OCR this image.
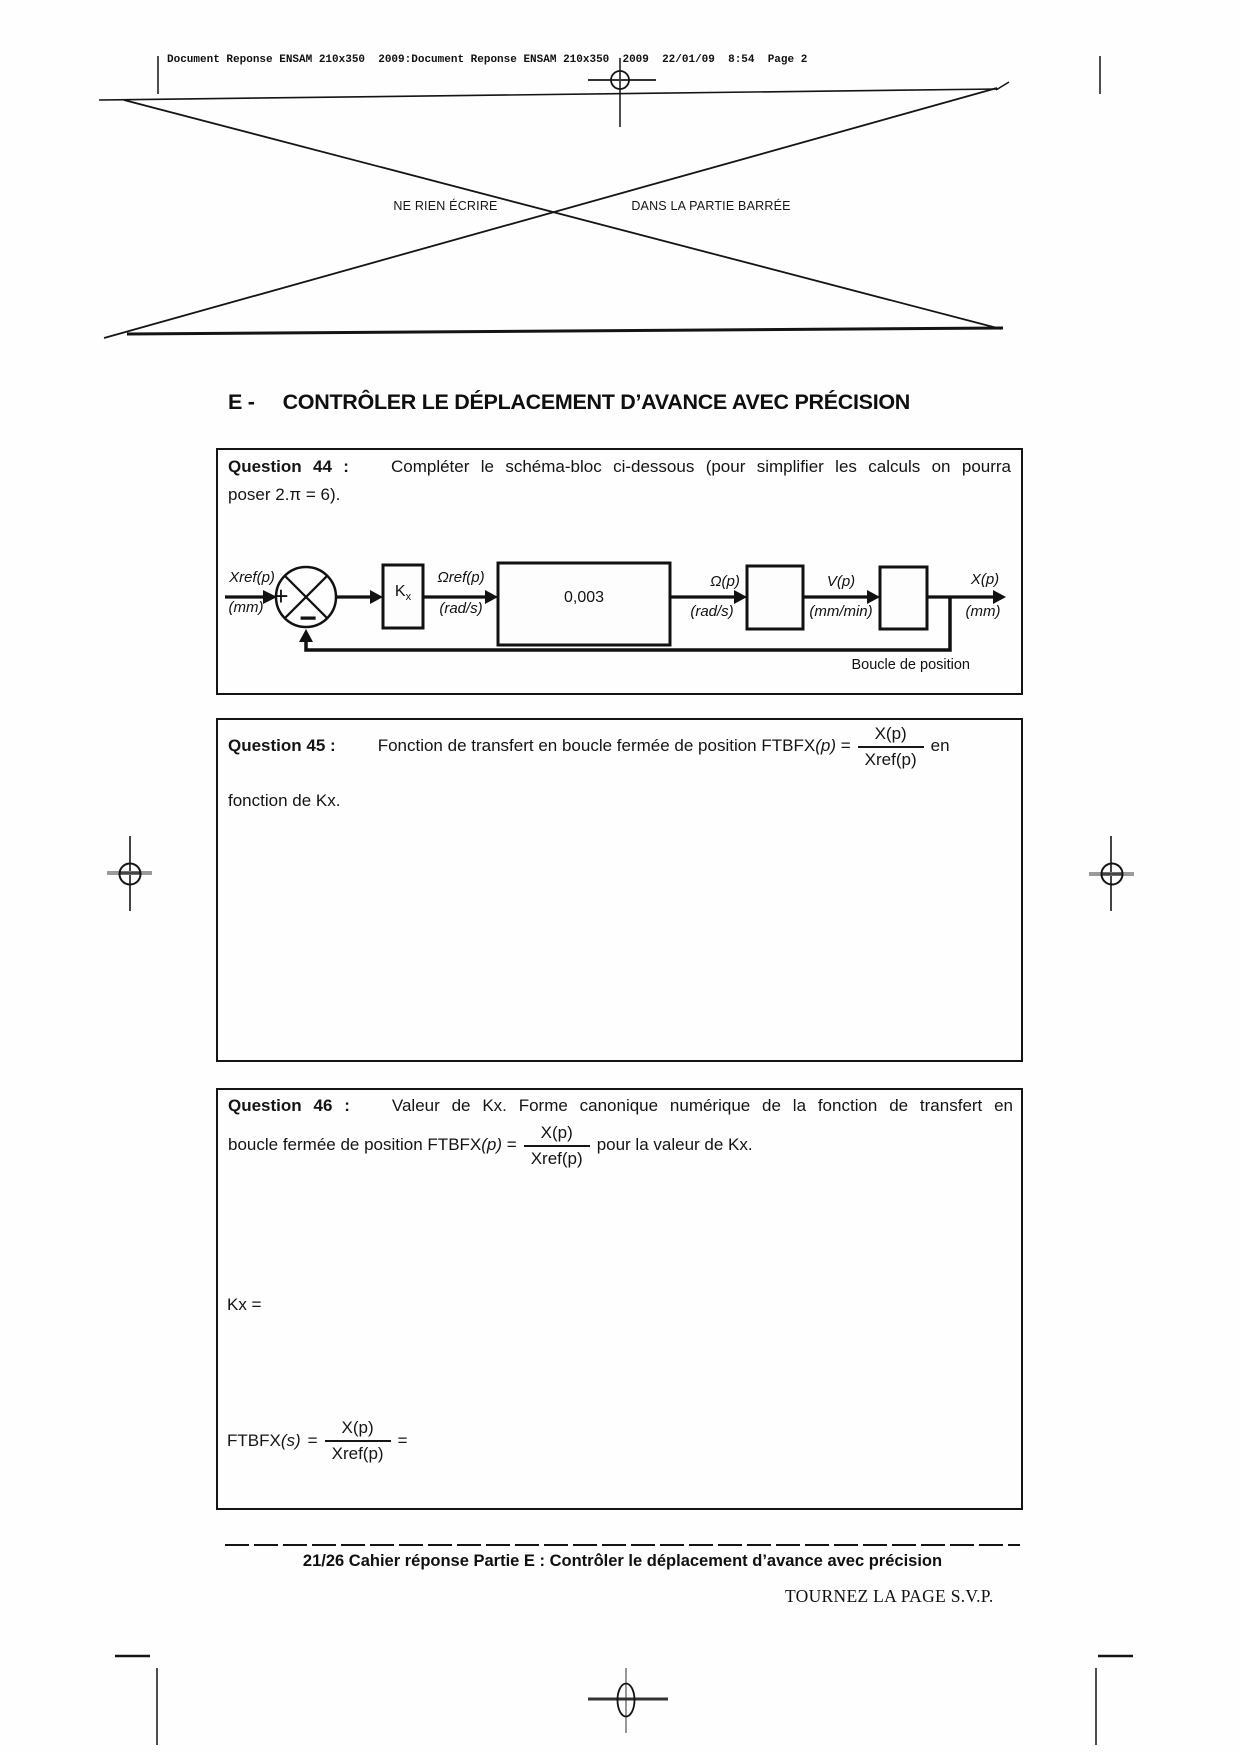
Document Reponse ENSAM 210x350  2009:Document Reponse ENSAM 210x350  2009  22/01/09  8:54  Page 2
NE RIEN ÉCRIRE	DANS LA PARTIE BARRÉE
E - CONTRÔLER LE DÉPLACEMENT D’AVANCE AVEC PRÉCISION
Question 44 : Compléter le schéma-bloc ci-dessous (pour simplifier les calculs on pourra
poser 2.π = 6).
Xref(p)
(mm) +
−
$K_x$
Ωref(p)
(rad/s)
0,003
Ω(p)
(rad/s)
V(p)
(mm/min)
X(p)
(mm)
Boucle de position
Question 45 : Fonction de transfert en boucle fermée de position FTBFX(p) = $\frac{X(p)}{\text{Xref(p)}}$ en
fonction de Kx.
Question 46 : Valeur de Kx. Forme canonique numérique de la fonction de transfert en
boucle fermée de position FTBFX(p) = $\frac{X(p)}{\text{Xref(p)}}$ pour la valeur de Kx.
Kx =
FTBFX $(s) = \frac{X(p)}{\text{Xref(p)}}$ =
21/26 Cahier réponse Partie E : Contrôler le déplacement d’avance avec précision
TOURNEZ LA PAGE S.V.P.
